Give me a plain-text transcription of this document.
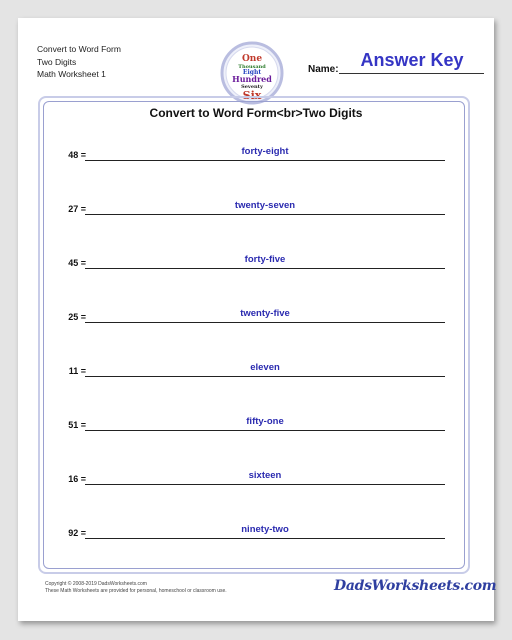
Convert to Word Form
Two Digits
Math Worksheet 1
One
Thousand
Eight
Hundred
Seventy
Six
Name:	Answer Key
Convert to Word Form<br>Two Digits
48 =	forty-eight
27 =	twenty-seven
45 =	forty-five
25 =	twenty-five
11 =	eleven
51 =	fifty-one
16 =	sixteen
92 =	ninety-two
Copyright © 2008-2019 DadsWorksheets.com
These Math Worksheets are provided for personal, homeschool or classroom use.	DadsWorksheets.com
